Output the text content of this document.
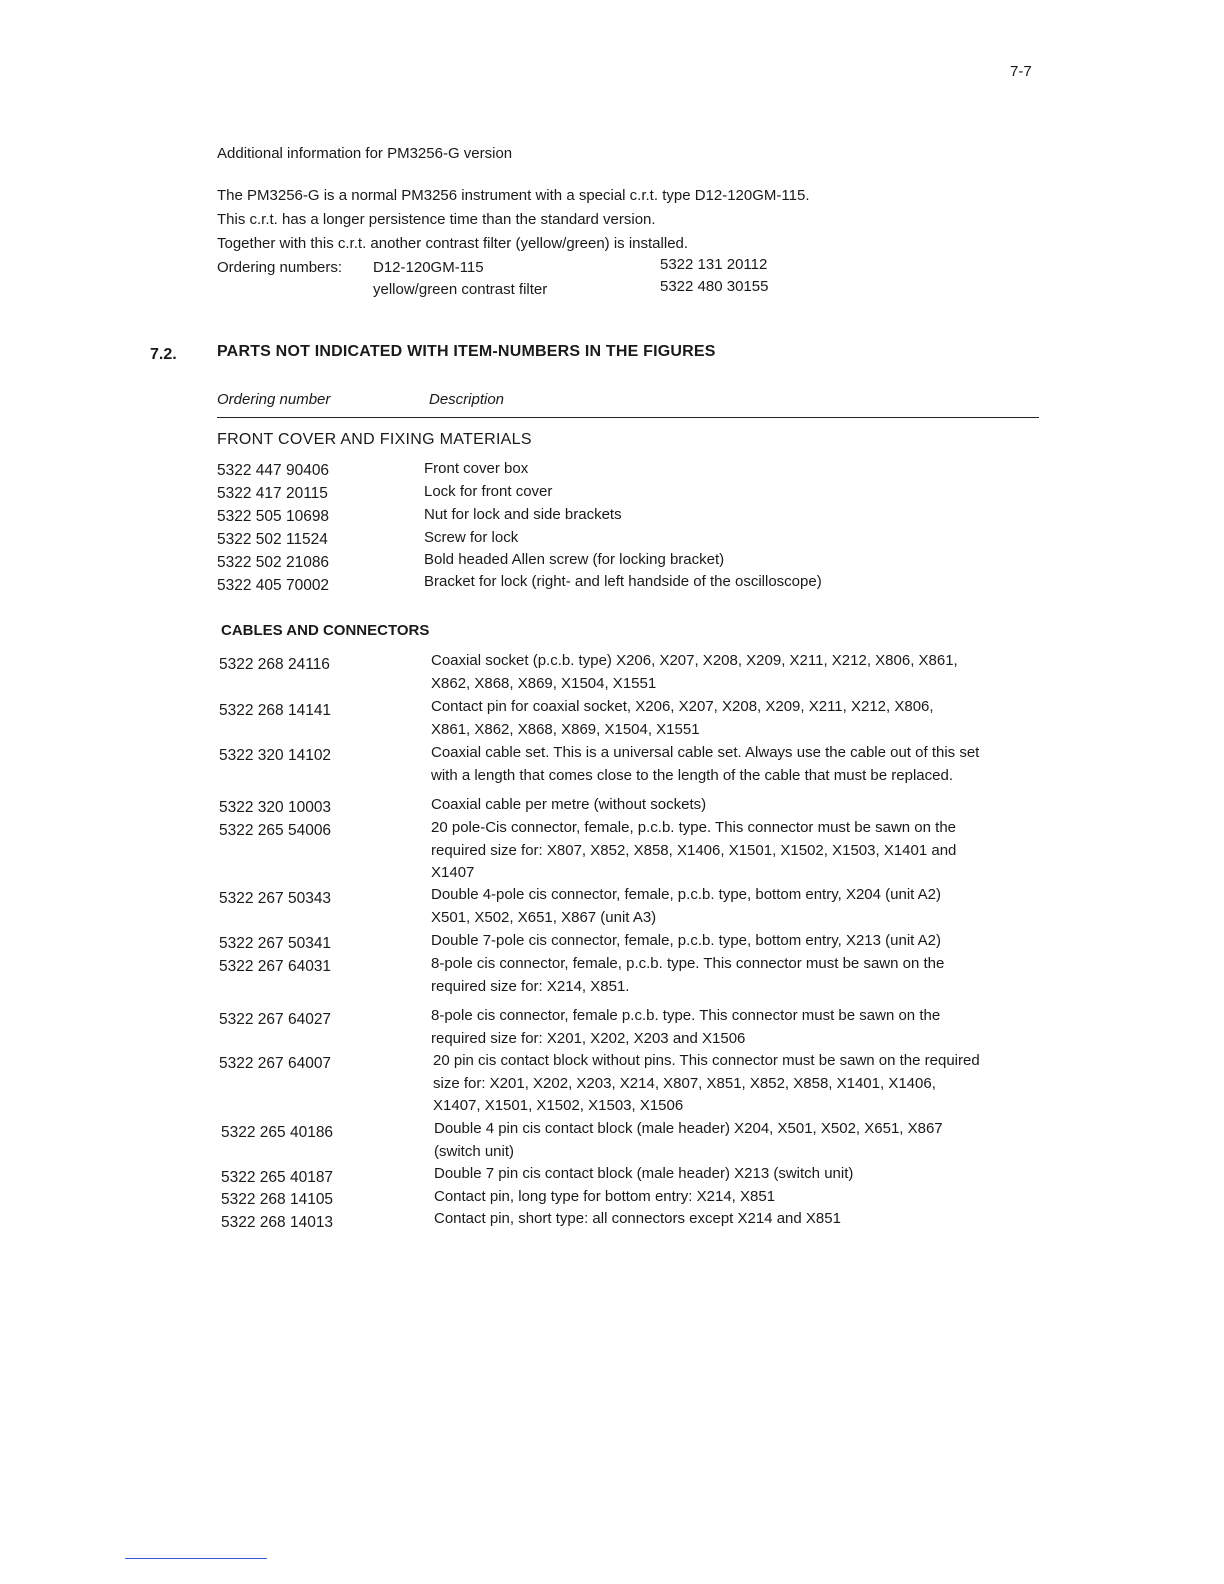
7-7
Additional information for PM3256-G version
The PM3256-G is a normal PM3256 instrument with a special c.r.t. type D12-120GM-115.
This c.r.t. has a longer persistence time than the standard version.
Together with this c.r.t. another contrast filter (yellow/green) is installed.
Ordering numbers: D12-120GM-115	5322 131 20112
yellow/green contrast filter	5322 480 30155
7.2.	PARTS NOT INDICATED WITH ITEM-NUMBERS IN THE FIGURES
Ordering number	Description
FRONT COVER AND FIXING MATERIALS
5322 447 90406	Front cover box
5322 417 20115	Lock for front cover
5322 505 10698	Nut for lock and side brackets
5322 502 11524	Screw for lock
5322 502 21086	Bold headed Allen screw (for locking bracket)
5322 405 70002	Bracket for lock (right- and left handside of the oscilloscope)
CABLES AND CONNECTORS
5322 268 24116	Coaxial socket (p.c.b. type) X206, X207, X208, X209, X211, X212, X806, X861,
X862, X868, X869, X1504, X1551
5322 268 14141	Contact pin for coaxial socket, X206, X207, X208, X209, X211, X212, X806,
X861, X862, X868, X869, X1504, X1551
5322 320 14102	Coaxial cable set. This is a universal cable set. Always use the cable out of this set
with a length that comes close to the length of the cable that must be replaced.
5322 320 10003	Coaxial cable per metre (without sockets)
5322 265 54006	20 pole-Cis connector, female, p.c.b. type. This connector must be sawn on the
required size for: X807, X852, X858, X1406, X1501, X1502, X1503, X1401 and
X1407
5322 267 50343	Double 4-pole cis connector, female, p.c.b. type, bottom entry, X204 (unit A2)
X501, X502, X651, X867 (unit A3)
5322 267 50341	Double 7-pole cis connector, female, p.c.b. type, bottom entry, X213 (unit A2)
5322 267 64031	8-pole cis connector, female, p.c.b. type. This connector must be sawn on the
required size for: X214, X851.
5322 267 64027	8-pole cis connector, female p.c.b. type. This connector must be sawn on the
required size for: X201, X202, X203 and X1506
5322 267 64007	20 pin cis contact block without pins. This connector must be sawn on the required
size for: X201, X202, X203, X214, X807, X851, X852, X858, X1401, X1406,
X1407, X1501, X1502, X1503, X1506
5322 265 40186	Double 4 pin cis contact block (male header) X204, X501, X502, X651, X867
(switch unit)
5322 265 40187	Double 7 pin cis contact block (male header) X213 (switch unit)
5322 268 14105	Contact pin, long type for bottom entry: X214, X851
5322 268 14013	Contact pin, short type: all connectors except X214 and X851
